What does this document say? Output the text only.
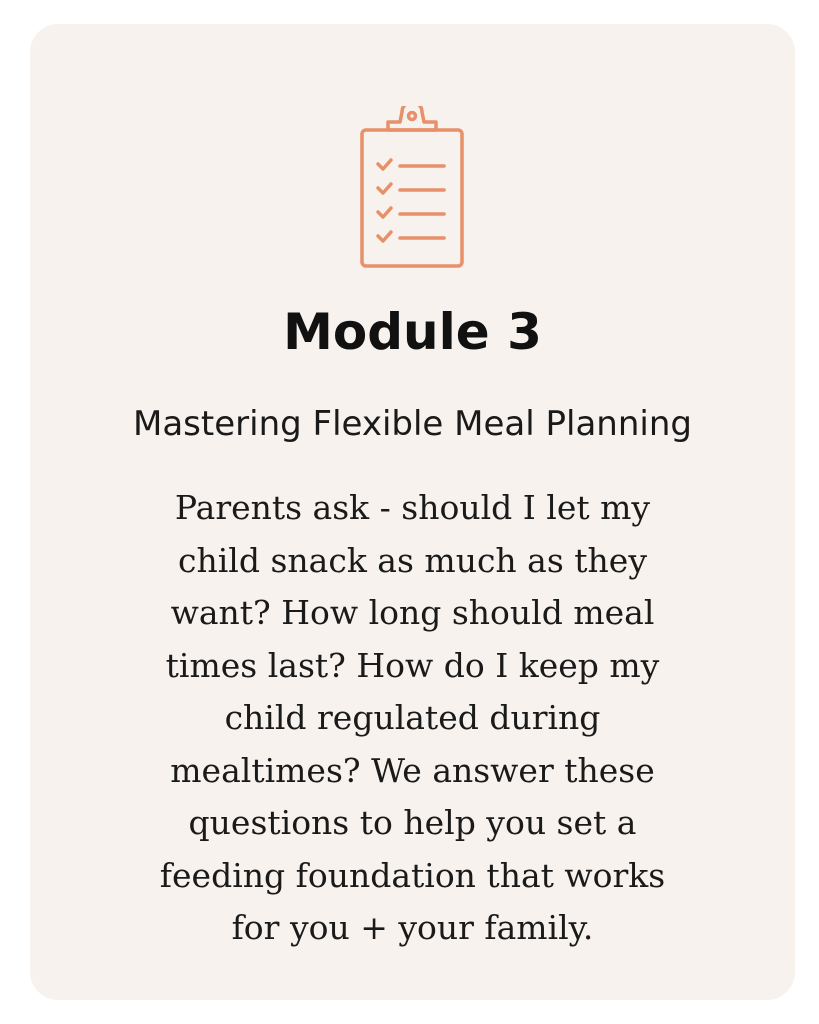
Module 3
Mastering Flexible Meal Planning
Parents ask - should I let my
child snack as much as they
want? How long should meal
times last? How do I keep my
child regulated during
mealtimes? We answer these
questions to help you set a
feeding foundation that works
for you + your family.
